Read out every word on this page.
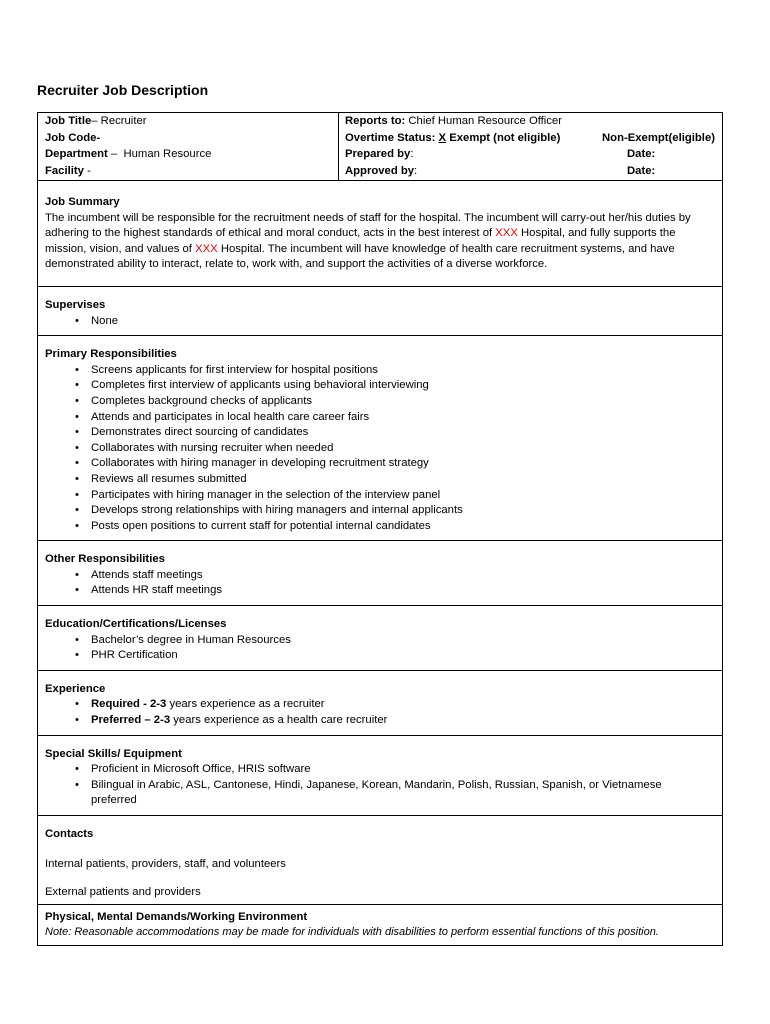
Recruiter Job Description
Job Title – Recruiter
Job Code-
Department –  Human Resource
Facility -
Reports to: Chief Human Resource Officer
Overtime Status: X Exempt (not eligible)	Non-Exempt(eligible)
Prepared by :	Date:
Approved by :	Date:
Job Summary

The incumbent will be responsible for the recruitment needs of staff for the hospital. The incumbent will carry-out her/his duties by adhering to the highest standards of ethical and moral conduct, acts in the best interest of XXX Hospital, and fully supports the mission, vision, and values of XXX Hospital. The incumbent will have knowledge of health care recruitment systems, and have demonstrated ability to interact, relate to, work with, and support the activities of a diverse workforce.

Supervises
• None
Primary Responsibilities
• Screens applicants for first interview for hospital positions
• Completes first interview of applicants using behavioral interviewing
• Completes background checks of applicants
• Attends and participates in local health care career fairs
• Demonstrates direct sourcing of candidates
• Collaborates with nursing recruiter when needed
• Collaborates with hiring manager in developing recruitment strategy
• Reviews all resumes submitted
• Participates with hiring manager in the selection of the interview panel
• Develops strong relationships with hiring managers and internal applicants
• Posts open positions to current staff for potential internal candidates
Other Responsibilities
• Attends staff meetings
• Attends HR staff meetings
Education/Certifications/Licenses
• Bachelor’s degree in Human Resources
• PHR Certification
Experience
• Required - 2-3 years experience as a recruiter
• Preferred – 2-3 years experience as a health care recruiter
Special Skills/ Equipment
• Proficient in Microsoft Office, HRIS software
• Bilingual in Arabic, ASL, Cantonese, Hindi, Japanese, Korean, Mandarin, Polish, Russian, Spanish, or Vietnamese preferred
Contacts

Internal patients, providers, staff, and volunteers

External patients and providers

Physical, Mental Demands/Working Environment
Note: Reasonable accommodations may be made for individuals with disabilities to perform essential functions of this position.
